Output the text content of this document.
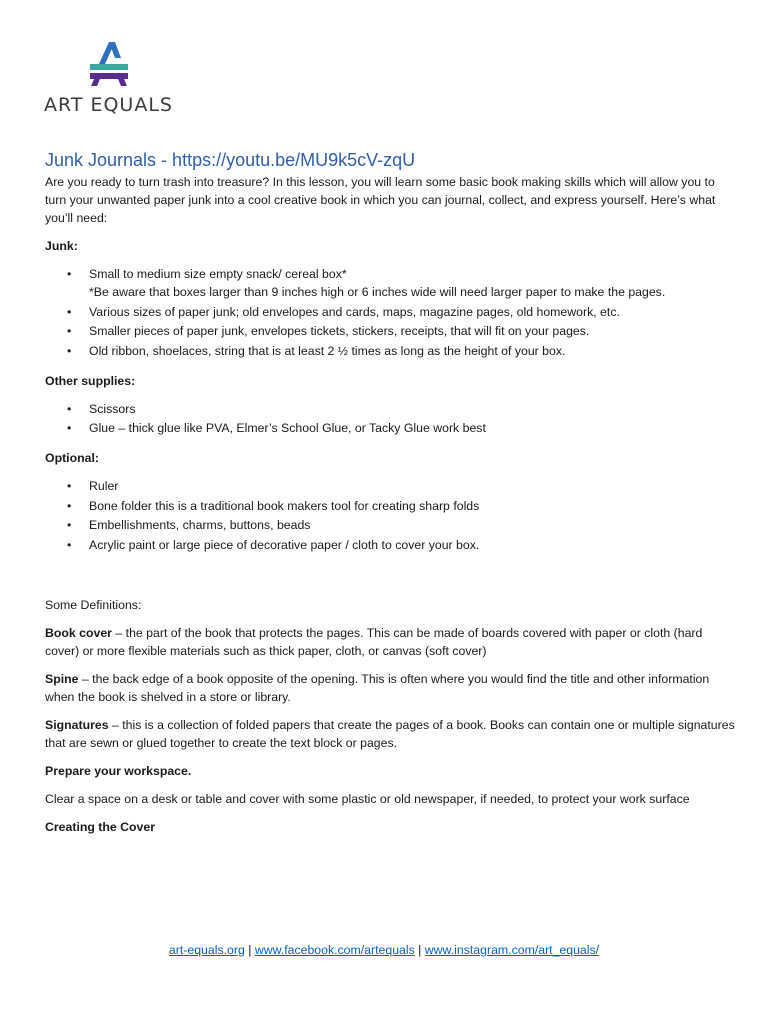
ART EQUALS
Junk Journals - https://youtu.be/MU9k5cV-zqU

Are you ready to turn trash into treasure? In this lesson, you will learn some basic book making skills which will allow you to turn your unwanted paper junk into a cool creative book in which you can journal, collect, and express yourself. Here’s what you’ll need:

Junk:
• Small to medium size empty snack/ cereal box*
*Be aware that boxes larger than 9 inches high or 6 inches wide will need larger paper to make the pages.
• Various sizes of paper junk; old envelopes and cards, maps, magazine pages, old homework, etc.
• Smaller pieces of paper junk, envelopes tickets, stickers, receipts, that will fit on your pages.
• Old ribbon, shoelaces, string that is at least 2 ½ times as long as the height of your box.
Other supplies:
• Scissors
• Glue – thick glue like PVA, Elmer’s School Glue, or Tacky Glue work best
Optional:
• Ruler
• Bone folder this is a traditional book makers tool for creating sharp folds
• Embellishments, charms, buttons, beads
• Acrylic paint or large piece of decorative paper / cloth to cover your box.

Some Definitions:

Book cover – the part of the book that protects the pages. This can be made of boards covered with paper or cloth (hard cover) or more flexible materials such as thick paper, cloth, or canvas (soft cover)

Spine – the back edge of a book opposite of the opening. This is often where you would find the title and other information when the book is shelved in a store or library.

Signatures – this is a collection of folded papers that create the pages of a book. Books can contain one or multiple signatures that are sewn or glued together to create the text block or pages.

Prepare your workspace.

Clear a space on a desk or table and cover with some plastic or old newspaper, if needed, to protect your work surface

Creating the Cover
art-equals.org | www.facebook.com/artequals | www.instagram.com/art_equals/
